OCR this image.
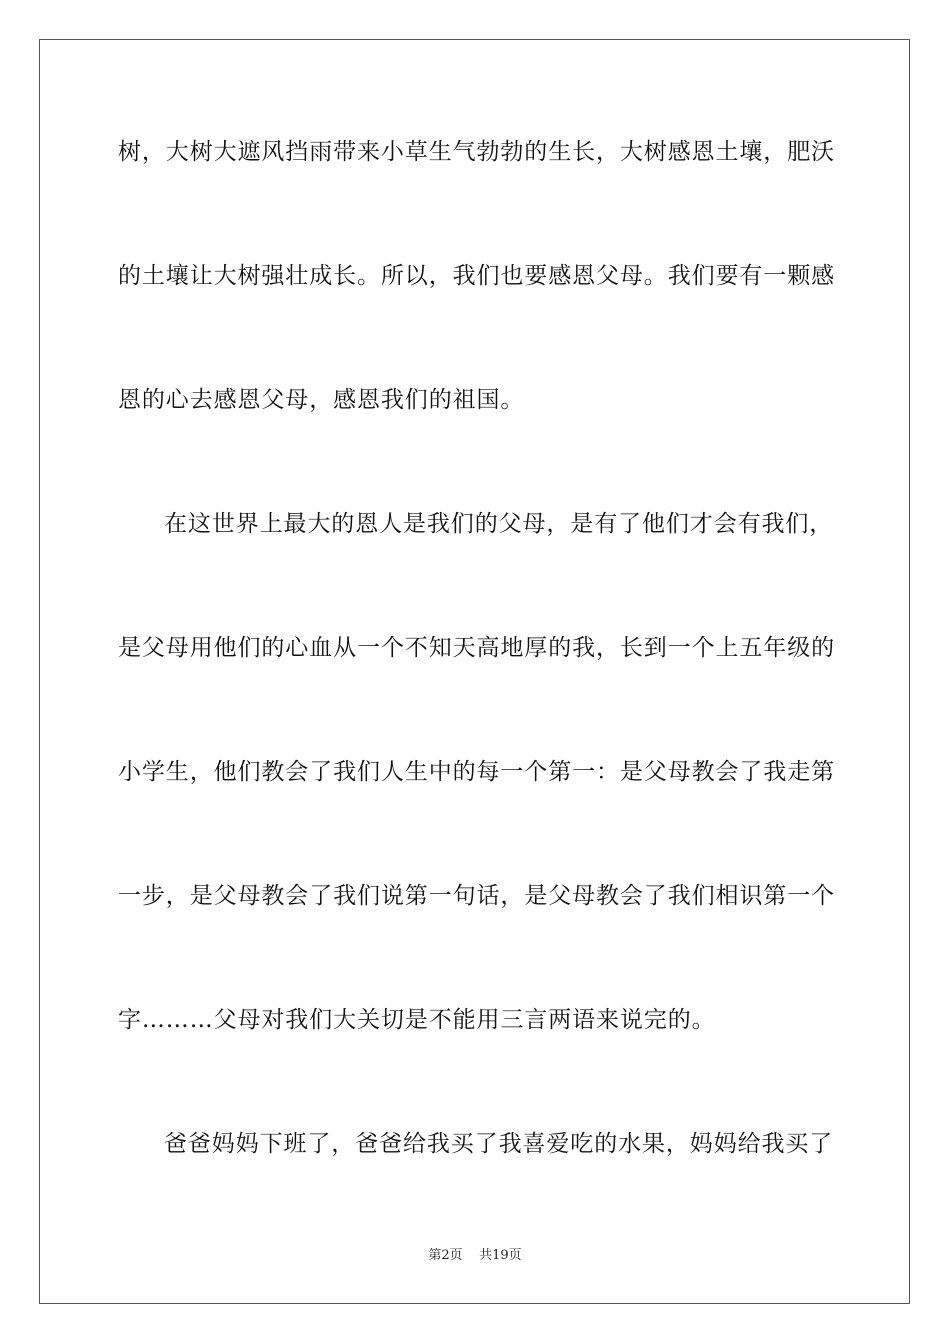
树，大树大遮风挡雨带来小草生气勃勃的生长，大树感恩土壤，肥沃
的土壤让大树强壮成长。所以，我们也要感恩父母。我们要有一颗感
恩的心去感恩父母，感恩我们的祖国。
在这世界上最大的恩人是我们的父母，是有了他们才会有我们，
是父母用他们的心血从一个不知天高地厚的我，长到一个上五年级的
小学生，他们教会了我们人生中的每一个第一：是父母教会了我走第
一步，是父母教会了我们说第一句话，是父母教会了我们相识第一个
字………父母对我们大关切是不能用三言两语来说完的。
爸爸妈妈下班了，爸爸给我买了我喜爱吃的水果，妈妈给我买了
第2页 共19页
